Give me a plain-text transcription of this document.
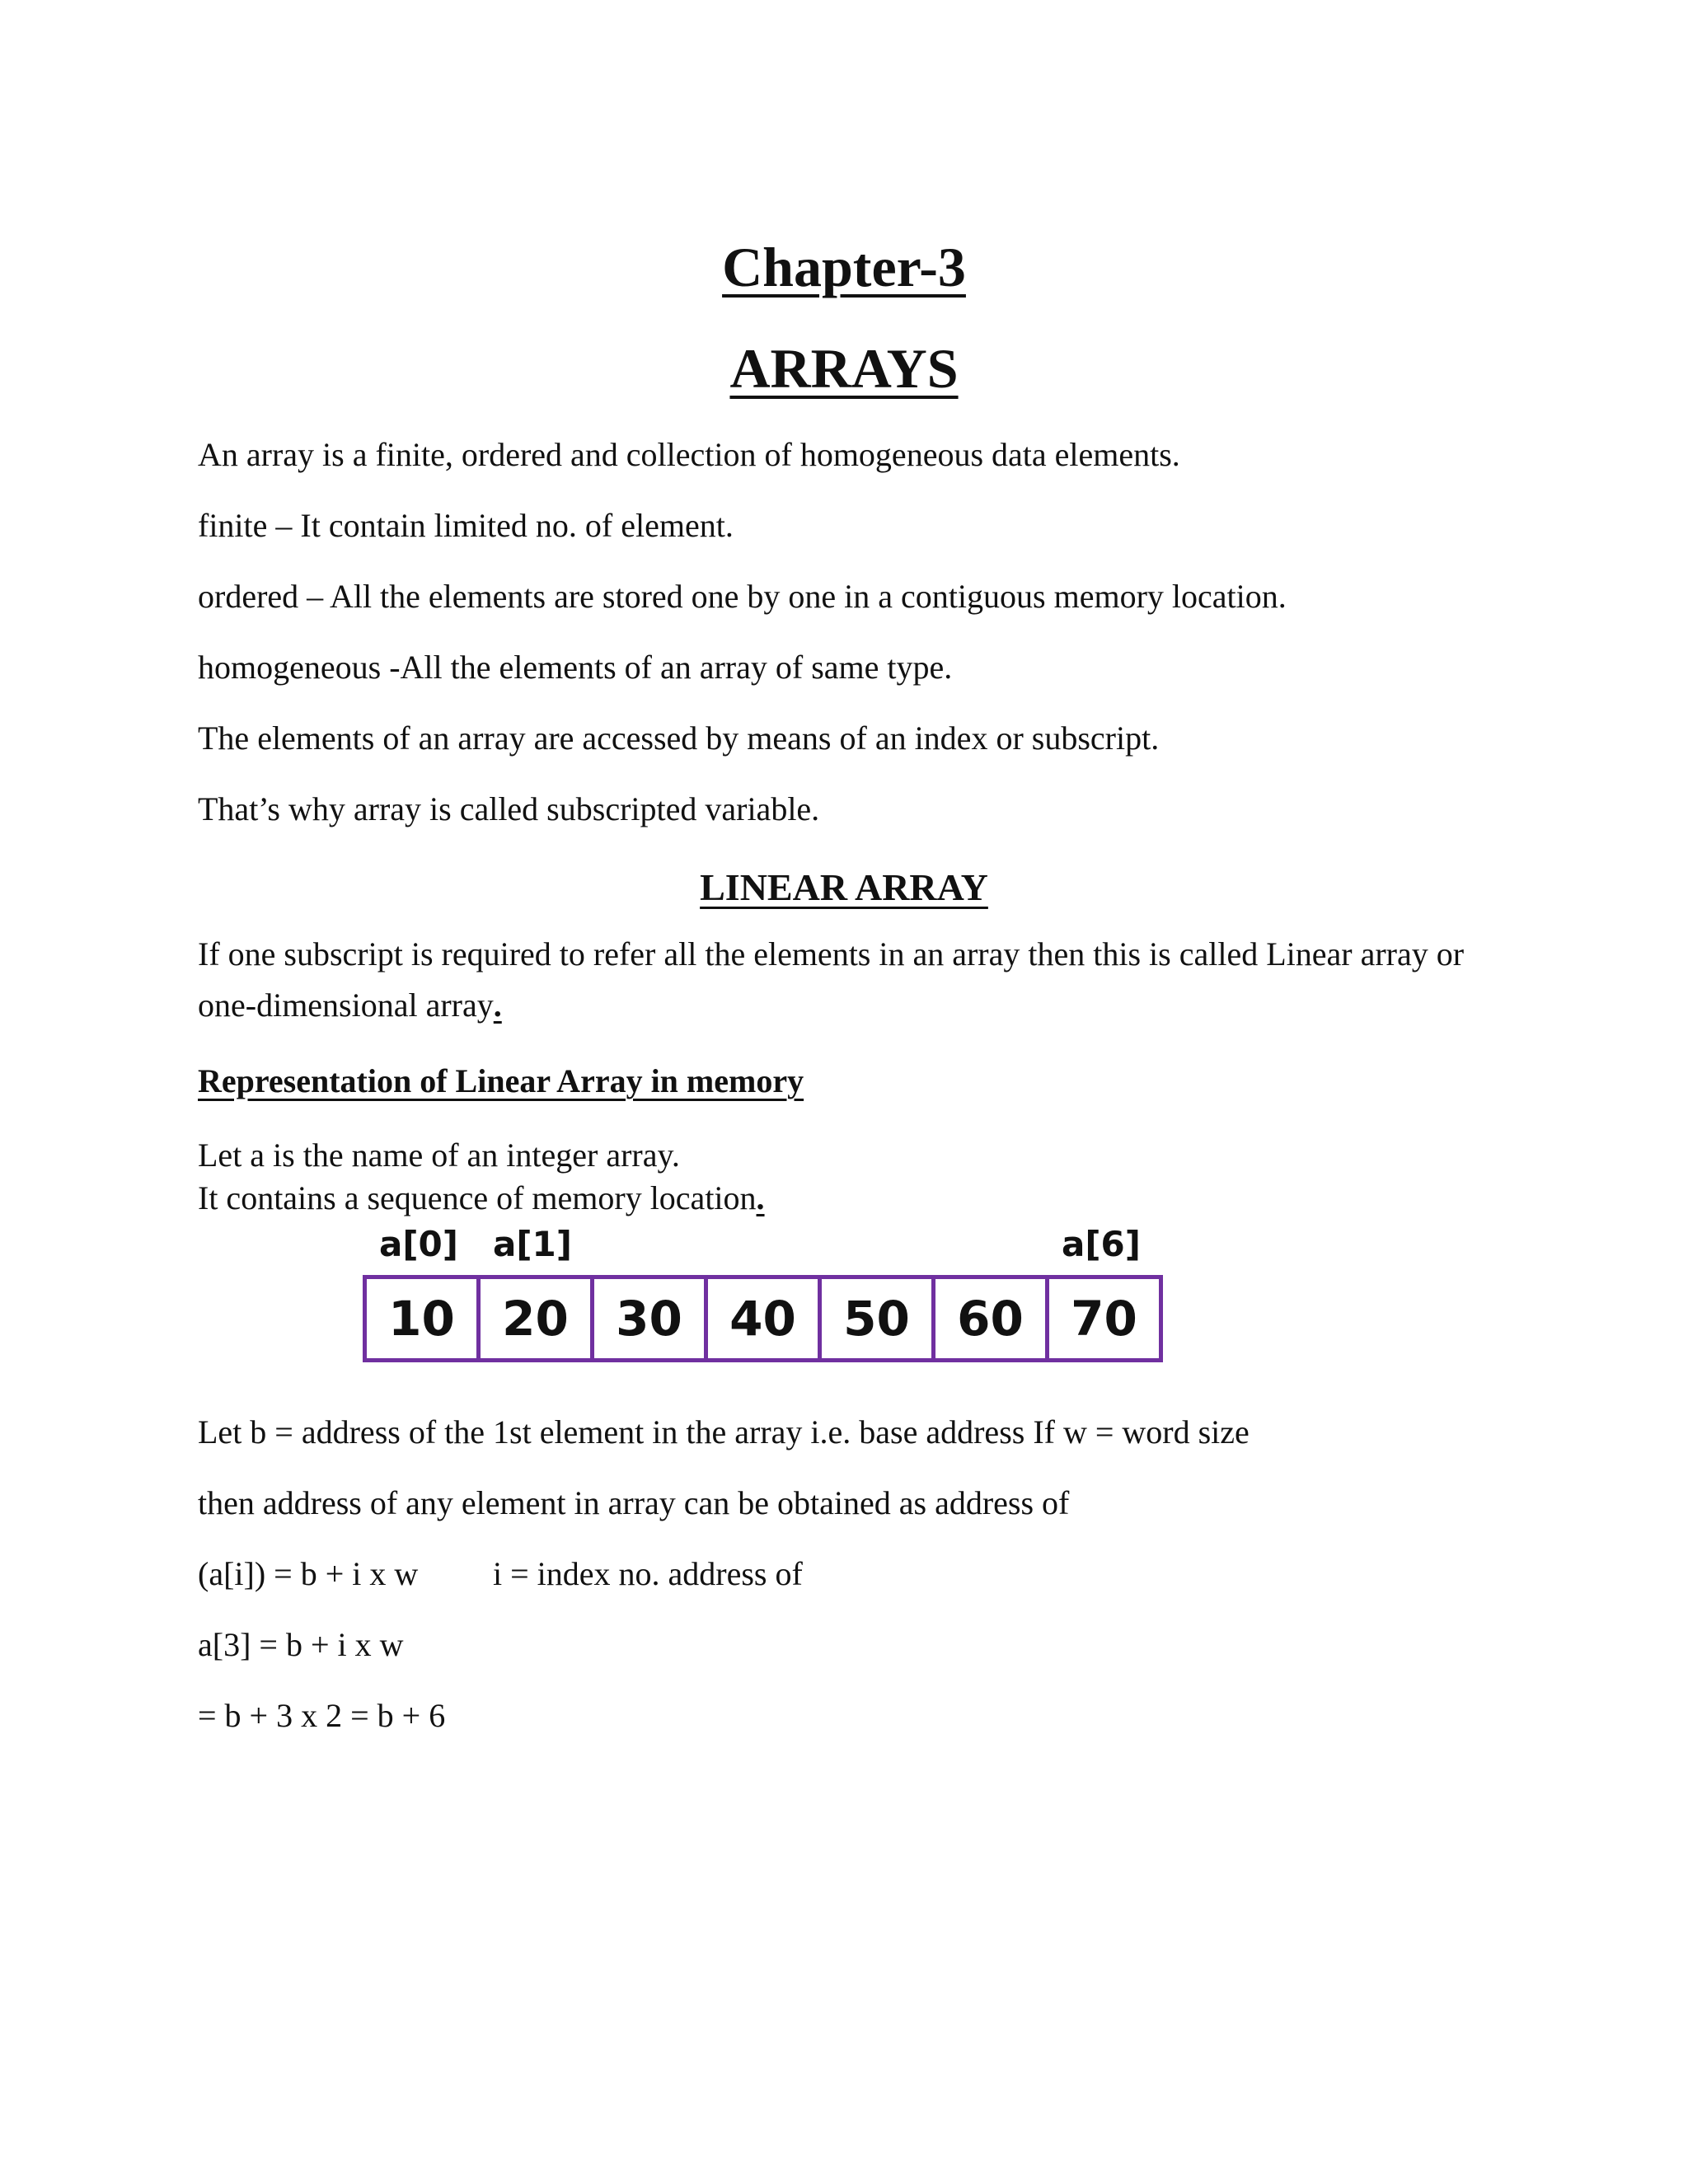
Chapter-3
ARRAYS
An array is a finite, ordered and collection of homogeneous data elements.
finite – It contain limited no. of element.
ordered – All the elements are stored one by one in a contiguous memory location.
homogeneous -All the elements of an array of same type.
The elements of an array are accessed by means of an index or subscript.
That’s why array is called subscripted variable.
LINEAR ARRAY
If one subscript is required to refer all the elements in an array then this is called Linear array or
one-dimensional array.
Representation of Linear Array in memory
Let a is the name of an integer array.
It contains a sequence of memory location.
a[0]	a[1]	a[6]
10 20 30 40 50 60 70
Let b = address of the 1st element in the array i.e. base address If w = word size
then address of any element in array can be obtained as address of
(a[i]) = b + i x w i = index no. address of
a[3] = b + i x w
= b + 3 x 2 = b + 6
